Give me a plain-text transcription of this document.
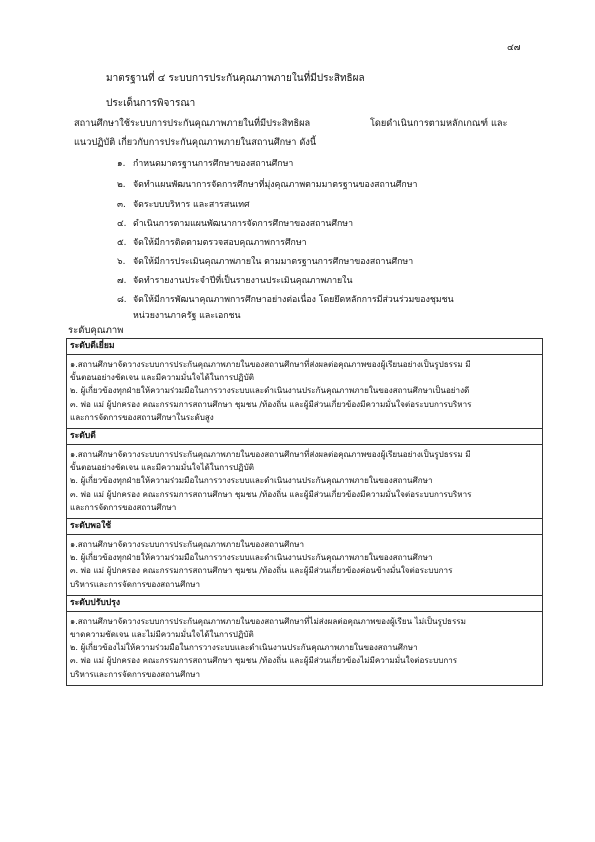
๔๗
มาตรฐานที่ ๔ ระบบการประกันคุณภาพภายในที่มีประสิทธิผล
ประเด็นการพิจารณา
สถานศึกษาใช้ระบบการประกันคุณภาพภายในที่มีประสิทธิผล	โดยดำเนินการตามหลักเกณฑ์ และ
แนวปฏิบัติ เกี่ยวกับการประกันคุณภาพภายในสถานศึกษา ดังนี้
๑. กำหนดมาตรฐานการศึกษาของสถานศึกษา
๒. จัดทำแผนพัฒนาการจัดการศึกษาที่มุ่งคุณภาพตามมาตรฐานของสถานศึกษา
๓. จัดระบบบริหาร และสารสนเทศ
๔. ดำเนินการตามแผนพัฒนาการจัดการศึกษาของสถานศึกษา
๕. จัดให้มีการติดตามตรวจสอบคุณภาพการศึกษา
๖. จัดให้มีการประเมินคุณภาพภายใน ตามมาตรฐานการศึกษาของสถานศึกษา
๗. จัดทำรายงานประจำปีที่เป็นรายงานประเมินคุณภาพภายใน
๘. จัดให้มีการพัฒนาคุณภาพการศึกษาอย่างต่อเนื่อง โดยยึดหลักการมีส่วนร่วมของชุมชน
หน่วยงานภาครัฐ และเอกชน
ระดับคุณภาพ
ระดับดีเยี่ยม
๑.สถานศึกษาจัดวางระบบการประกันคุณภาพภายในของสถานศึกษาที่ส่งผลต่อคุณภาพของผู้เรียนอย่างเป็นรูปธรรม มี
ขั้นตอนอย่างชัดเจน และมีความมั่นใจได้ในการปฏิบัติ
๒. ผู้เกี่ยวข้องทุกฝ่ายให้ความร่วมมือในการวางระบบและดำเนินงานประกันคุณภาพภายในของสถานศึกษาเป็นอย่างดี
๓. พ่อ แม่ ผู้ปกครอง คณะกรรมการสถานศึกษา ชุมชน /ท้องถิ่น และผู้มีส่วนเกี่ยวข้องมีความมั่นใจต่อระบบการบริหาร
และการจัดการของสถานศึกษาในระดับสูง
ระดับดี
๑.สถานศึกษาจัดวางระบบการประกันคุณภาพภายในของสถานศึกษาที่ส่งผลต่อคุณภาพของผู้เรียนอย่างเป็นรูปธรรม มี
ขั้นตอนอย่างชัดเจน และมีความมั่นใจได้ในการปฏิบัติ
๒. ผู้เกี่ยวข้องทุกฝ่ายให้ความร่วมมือในการวางระบบและดำเนินงานประกันคุณภาพภายในของสถานศึกษา
๓. พ่อ แม่ ผู้ปกครอง คณะกรรมการสถานศึกษา ชุมชน /ท้องถิ่น และผู้มีส่วนเกี่ยวข้องมีความมั่นใจต่อระบบการบริหาร
และการจัดการของสถานศึกษา
ระดับพอใช้
๑.สถานศึกษาจัดวางระบบการประกันคุณภาพภายในของสถานศึกษา
๒. ผู้เกี่ยวข้องทุกฝ่ายให้ความร่วมมือในการวางระบบและดำเนินงานประกันคุณภาพภายในของสถานศึกษา
๓. พ่อ แม่ ผู้ปกครอง คณะกรรมการสถานศึกษา ชุมชน /ท้องถิ่น และผู้มีส่วนเกี่ยวข้องค่อนข้างมั่นใจต่อระบบการ
บริหารและการจัดการของสถานศึกษา
ระดับปรับปรุง
๑.สถานศึกษาจัดวางระบบการประกันคุณภาพภายในของสถานศึกษาที่ไม่ส่งผลต่อคุณภาพของผู้เรียน ไม่เป็นรูปธรรม
ขาดความชัดเจน และไม่มีความมั่นใจได้ในการปฏิบัติ
๒. ผู้เกี่ยวข้องไม่ให้ความร่วมมือในการวางระบบและดำเนินงานประกันคุณภาพภายในของสถานศึกษา
๓. พ่อ แม่ ผู้ปกครอง คณะกรรมการสถานศึกษา ชุมชน /ท้องถิ่น และผู้มีส่วนเกี่ยวข้องไม่มีความมั่นใจต่อระบบการ
บริหารและการจัดการของสถานศึกษา
